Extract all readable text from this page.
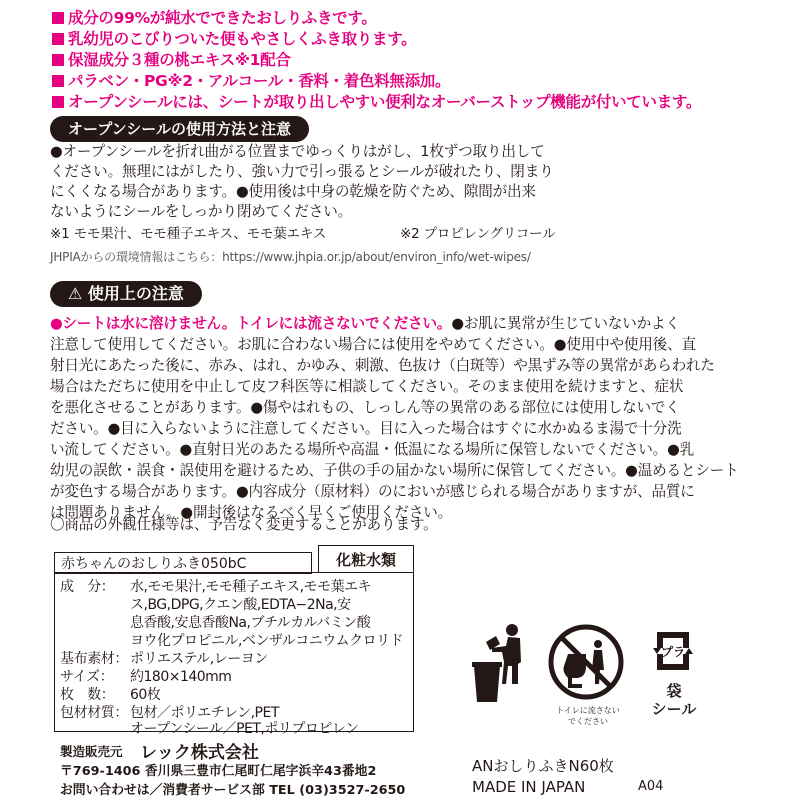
成分の99%が純水でできたおしりふきです。
乳幼児のこびりついた便もやさしくふき取ります。
保湿成分３種の桃エキス※1配合
パラベン・PG※2・アルコール・香料・着色料無添加。
オープンシールには、シートが取り出しやすい便利なオーバーストップ機能が付いています。
オープンシールの使用方法と注意
●オープンシールを折れ曲がる位置までゆっくりはがし、1枚ずつ取り出して
ください。無理にはがしたり、強い力で引っ張るとシールが破れたり、閉まり
にくくなる場合があります。●使用後は中身の乾燥を防ぐため、隙間が出来
ないようにシールをしっかり閉めてください。
※1 モモ果汁、モモ種子エキス、モモ葉エキス	※2 プロピレングリコール
JHPIAからの環境情報はこちら：https://www.jhpia.or.jp/about/environ_info/wet-wipes/
⚠ 使用上の注意
●シートは水に溶けません。トイレには流さないでください。●お肌に異常が生じていないかよく
注意して使用してください。お肌に合わない場合には使用をやめてください。●使用中や使用後、直
射日光にあたった後に、赤み、はれ、かゆみ、刺激、色抜け（白斑等）や黒ずみ等の異常があらわれた
場合はただちに使用を中止して皮フ科医等に相談してください。そのまま使用を続けますと、症状
を悪化させることがあります。●傷やはれもの、しっしん等の異常のある部位には使用しないでく
ださい。●目に入らないように注意してください。目に入った場合はすぐに水かぬるま湯で十分洗
い流してください。●直射日光のあたる場所や高温・低温になる場所に保管しないでください。●乳
幼児の誤飲・誤食・誤使用を避けるため、子供の手の届かない場所に保管してください。●温めるとシート
が変色する場合があります。●内容成分（原材料）のにおいが感じられる場合がありますが、品質に
は問題ありません。●開封後はなるべく早くご使用ください。
〇商品の外観仕様等は、予告なく変更することがあります。
赤ちゃんのおしりふき050bC	化粧水類
成　分： 水,モモ果汁,モモ種子エキス,モモ葉エキ
ス,BG,DPG,クエン酸,EDTA−2Na,安
息香酸,安息香酸Na,ブチルカルバミン酸
ヨウ化プロピニル,ベンザルコニウムクロリド
基布素材： ポリエステル,レーヨン
サイズ： 約180×140mm
枚　数： 60枚
包材材質： 包材／ポリエチレン,PET
オープンシール／PET,ポリプロピレン
製造販売元 レック株式会社
〒769-1406 香川県三豊市仁尾町仁尾字浜辛43番地2
お問い合わせは／消費者サービス部 TEL (03)3527-2650
トイレに流さない
でください
プラ
袋
シール
ANおしりふきN60枚
MADE IN JAPAN	A04
